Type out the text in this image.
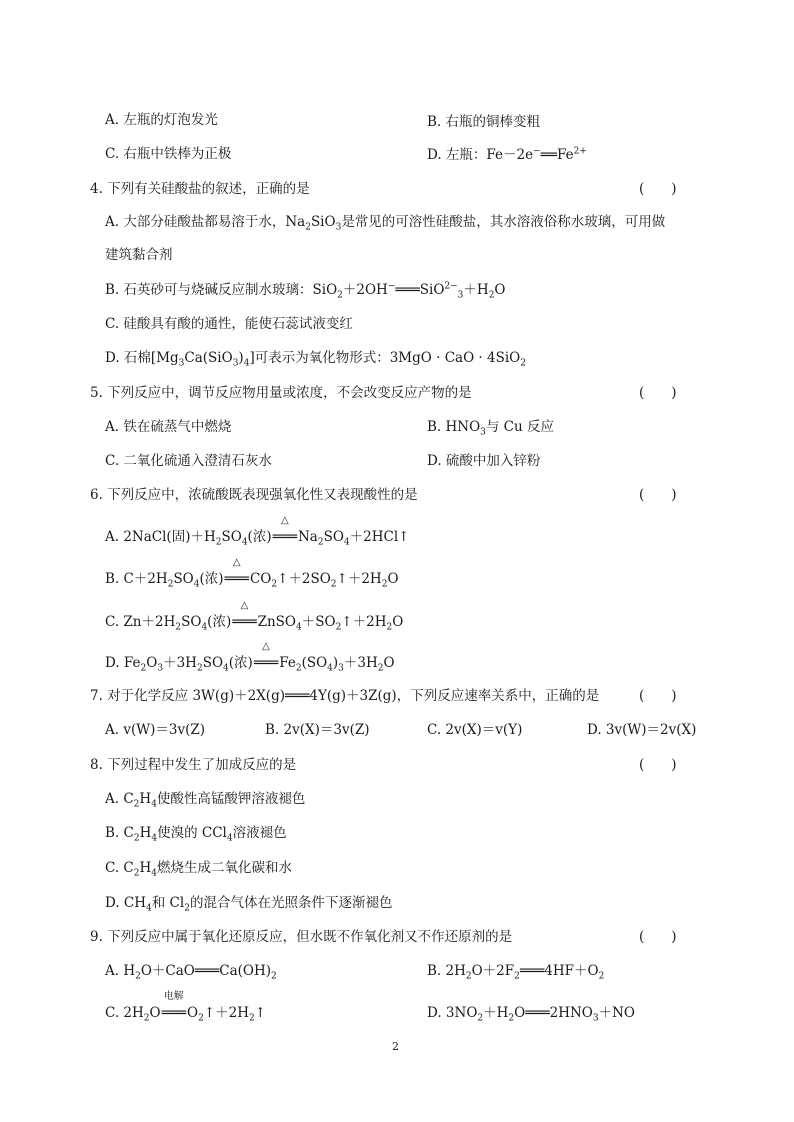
A. 左瓶的灯泡发光	B. 右瓶的铜棒变粗
C. 右瓶中铁棒为正极	D. 左瓶：$Fe-2e^-══Fe^{2+}$
4. 下列有关硅酸盐的叙述，正确的是	(　　)
A. 大部分硅酸盐都易溶于水，$Na_2SiO_3$是常见的可溶性硅酸盐，其水溶液俗称水玻璃，可用做
建筑黏合剂
B. 石英砂可与烧碱反应制水玻璃：$SiO_2+2OH^-═══SiO^{2-}_3+H_2O$
C. 硅酸具有酸的通性，能使石蕊试液变红
D. 石棉$[Mg_3Ca(SiO_3)_4]$可表示为氧化物形式：3MgO · CaO · 4SiO$_2$
5. 下列反应中，调节反应物用量或浓度，不会改变反应产物的是	(　　)
A. 铁在硫蒸气中燃烧	B. $HNO_3$与 Cu 反应
C. 二氧化硫通入澄清石灰水	D. 硫酸中加入锌粉
6. 下列反应中，浓硫酸既表现强氧化性又表现酸性的是	(　　)
A. 2NaCl(固)$+H_2SO_4$(浓)
△
$═══Na_2SO_4+2HCl↑$
B. $C+2H_2SO_4$(浓)
△
$═══CO_2↑+2SO_2↑+2H_2O$
C. $Zn+2H_2SO_4$(浓)
△
$═══ZnSO_4+SO_2↑+2H_2O$
D. $Fe_2O_3+3H_2SO_4$(浓)
△
$═══Fe_2(SO_4)_3+3H_2O$
7. 对于化学反应 3W(g)＋2X(g)═══4Y(g)＋3Z(g)，下列反应速率关系中，正确的是	(　　)
A. v(W)＝3v(Z)	B. 2v(X)＝3v(Z)	C. 2v(X)＝v(Y)	D. 3v(W)＝2v(X)
8. 下列过程中发生了加成反应的是	(　　)
A. $C_2H_4$使酸性高锰酸钾溶液褪色
B. $C_2H_4$使溴的 CCl$_4$溶液褪色
C. $C_2H_4$燃烧生成二氧化碳和水
D. $CH_4$和 $Cl_2$的混合气体在光照条件下逐渐褪色
9. 下列反应中属于氧化还原反应，但水既不作氧化剂又不作还原剂的是	(　　)
A. $H_2O+CaO═══Ca(OH)_2$	B. $2H_2O+2F_2═══4HF+O_2$
C. $2H_2O$
电解
$═══O_2↑+2H_2↑$	D. $3NO_2+H_2O═══2HNO_3+NO$
2
